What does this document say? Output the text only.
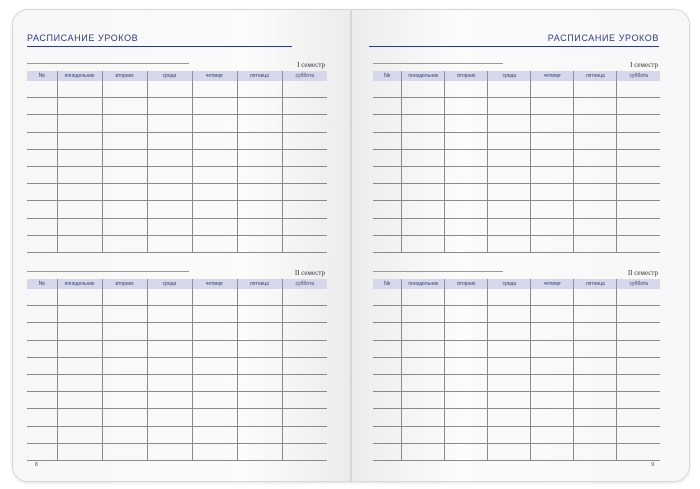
РАСПИСАНИЕ УРОКОВ
I семестр
№	понедельник	вторник	среда	четверг	пятница	суббота

II семестр
№	понедельник	вторник	среда	четверг	пятница	суббота

8
РАСПИСАНИЕ УРОКОВ
I семестр
№	понедельник	вторник	среда	четверг	пятница	суббота

II семестр
№	понедельник	вторник	среда	четверг	пятница	суббота

9
